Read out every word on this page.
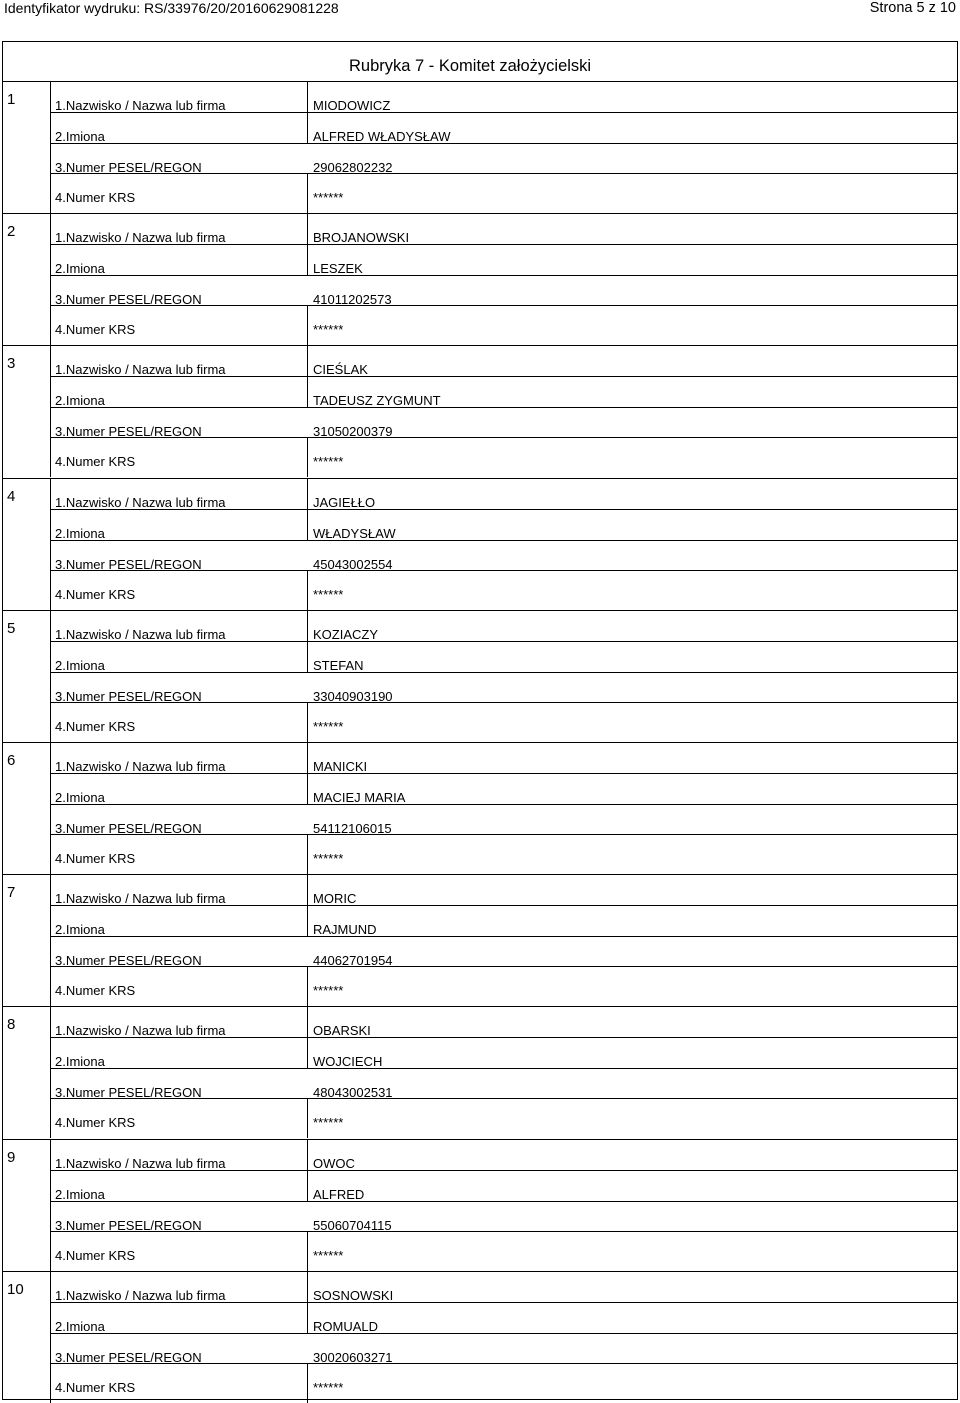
Identyfikator wydruku: RS/33976/20/20160629081228	Strona 5 z 10
Rubryka 7 - Komitet założycielski
1	1.Nazwisko / Nazwa lub firma	MIODOWICZ
2.Imiona	ALFRED WŁADYSŁAW
3.Numer PESEL/REGON	29062802232
4.Numer KRS	******
2	1.Nazwisko / Nazwa lub firma	BROJANOWSKI
2.Imiona	LESZEK
3.Numer PESEL/REGON	41011202573
4.Numer KRS	******
3	1.Nazwisko / Nazwa lub firma	CIEŚLAK
2.Imiona	TADEUSZ ZYGMUNT
3.Numer PESEL/REGON	31050200379
4.Numer KRS	******
4	1.Nazwisko / Nazwa lub firma	JAGIEŁŁO
2.Imiona	WŁADYSŁAW
3.Numer PESEL/REGON	45043002554
4.Numer KRS	******
5	1.Nazwisko / Nazwa lub firma	KOZIACZY
2.Imiona	STEFAN
3.Numer PESEL/REGON	33040903190
4.Numer KRS	******
6	1.Nazwisko / Nazwa lub firma	MANICKI
2.Imiona	MACIEJ MARIA
3.Numer PESEL/REGON	54112106015
4.Numer KRS	******
7	1.Nazwisko / Nazwa lub firma	MORIC
2.Imiona	RAJMUND
3.Numer PESEL/REGON	44062701954
4.Numer KRS	******
8	1.Nazwisko / Nazwa lub firma	OBARSKI
2.Imiona	WOJCIECH
3.Numer PESEL/REGON	48043002531
4.Numer KRS	******
9	1.Nazwisko / Nazwa lub firma	OWOC
2.Imiona	ALFRED
3.Numer PESEL/REGON	55060704115
4.Numer KRS	******
10 1.Nazwisko / Nazwa lub firma	SOSNOWSKI
2.Imiona	ROMUALD
3.Numer PESEL/REGON	30020603271
4.Numer KRS	******
